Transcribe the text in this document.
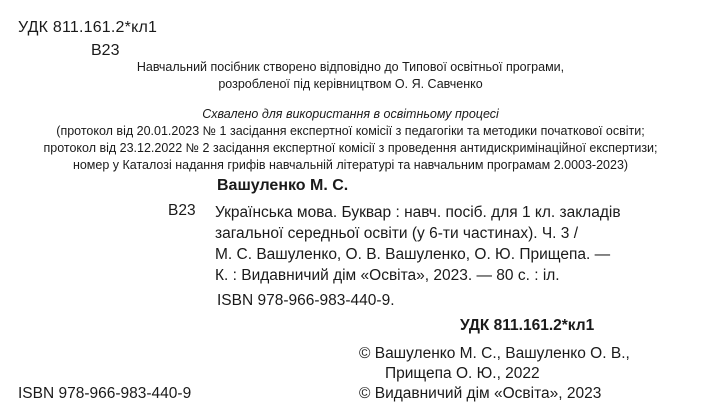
УДК 811.161.2*кл1
В23
Навчальний посібник створено відповідно до Типової освітньої програми,
розробленої під керівництвом О. Я. Савченко
Схвалено для використання в освітньому процесі
(протокол від 20.01.2023 № 1 засідання експертної комісії з педагогіки та методики початкової освіти;
протокол від 23.12.2022 № 2 засідання експертної комісії з проведення антидискримінаційної експертизи;
номер у Каталозі надання грифів навчальній літературі та навчальним програмам 2.0003-2023)
Вашуленко М. С.
В23 Українська мова. Буквар : навч. посіб. для 1 кл. закладів
загальної середньої освіти (у 6-ти частинах). Ч. 3 /
М. С. Вашуленко, О. В. Вашуленко, О. Ю. Прищепа. —
К. : Видавничий дім «Освіта», 2023. — 80 с. : іл.
ISBN 978-966-983-440-9.
УДК 811.161.2*кл1
© Вашуленко М. С., Вашуленко О. В.,
Прищепа О. Ю., 2022
© Видавничий дім «Освіта», 2023
ISBN 978-966-983-440-9
